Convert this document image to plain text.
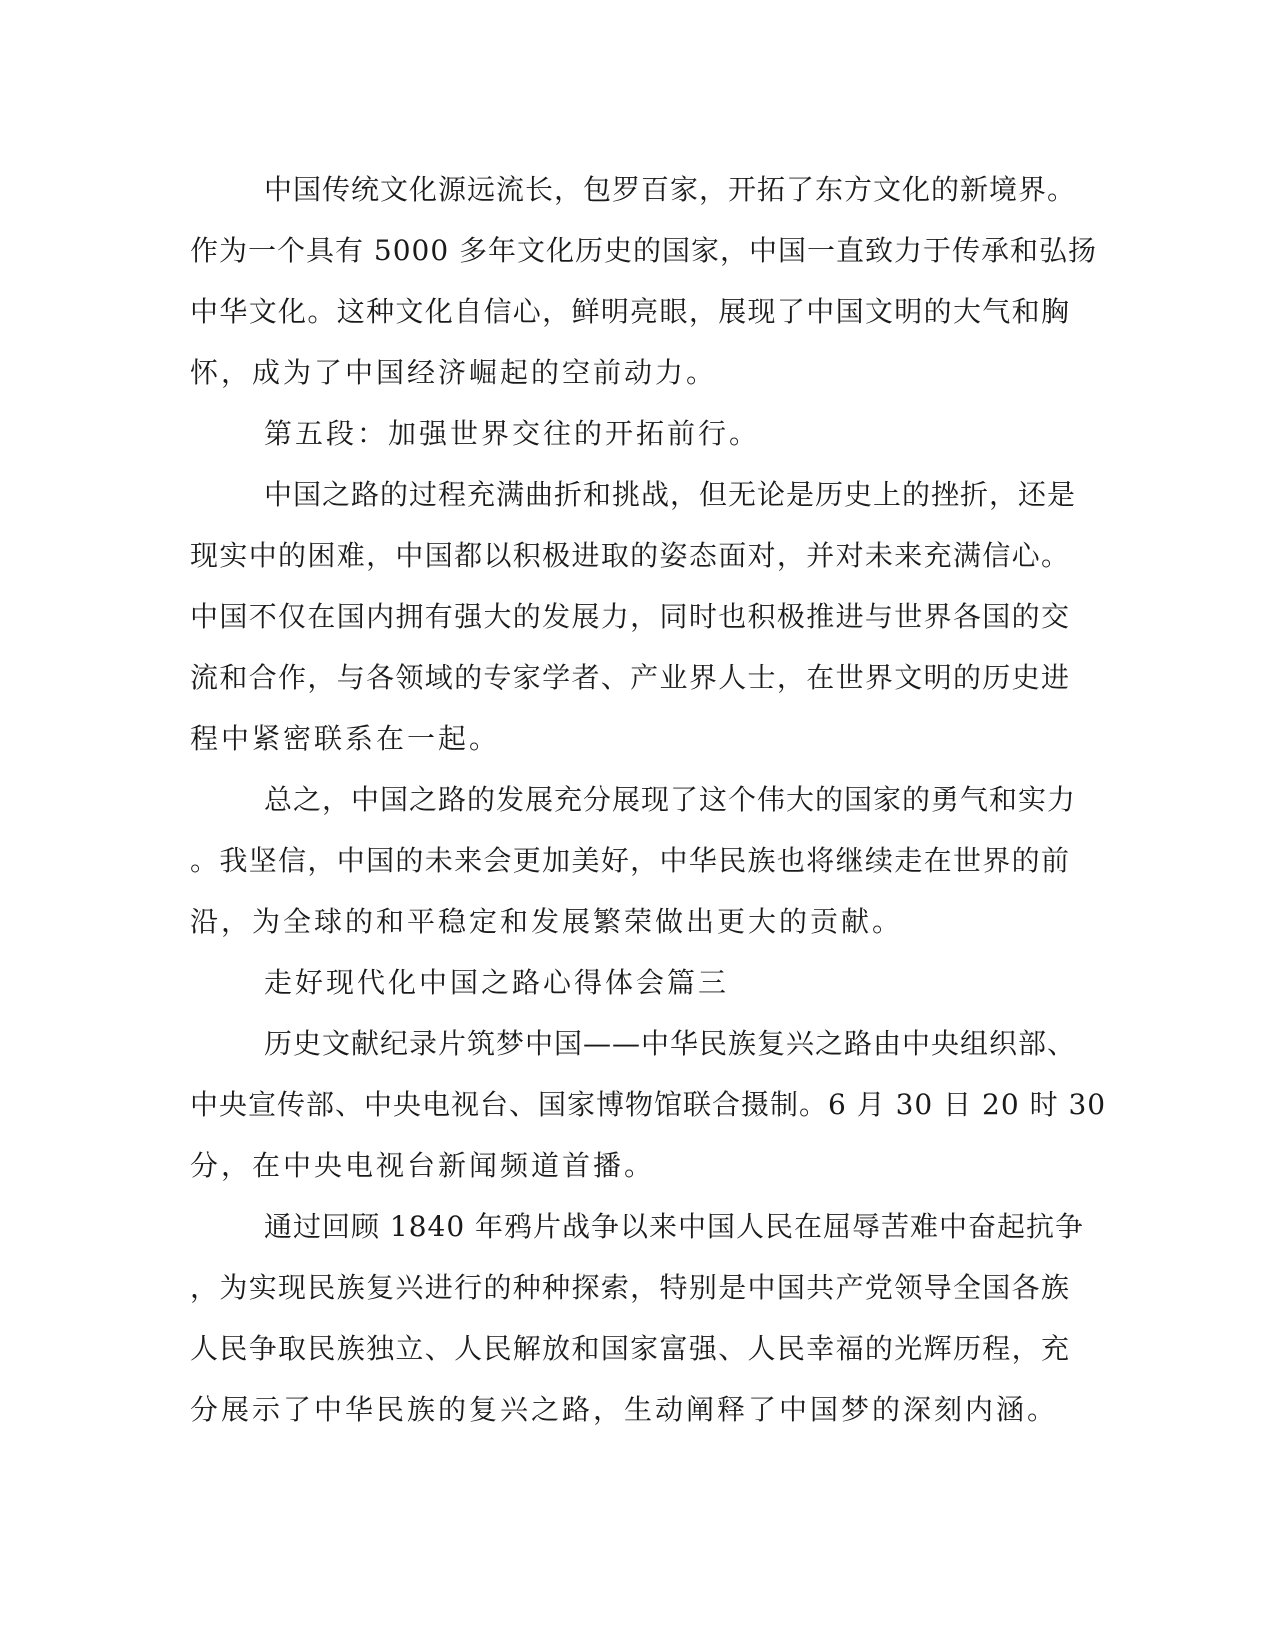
中国传统文化源远流长，包罗百家，开拓了东方文化的新境界。
作为一个具有 5000 多年文化历史的国家，中国一直致力于传承和弘扬
中华文化。这种文化自信心，鲜明亮眼，展现了中国文明的大气和胸
怀，成为了中国经济崛起的空前动力。
第五段：加强世界交往的开拓前行。
中国之路的过程充满曲折和挑战，但无论是历史上的挫折，还是
现实中的困难，中国都以积极进取的姿态面对，并对未来充满信心。
中国不仅在国内拥有强大的发展力，同时也积极推进与世界各国的交
流和合作，与各领域的专家学者、产业界人士，在世界文明的历史进
程中紧密联系在一起。
总之，中国之路的发展充分展现了这个伟大的国家的勇气和实力
。我坚信，中国的未来会更加美好，中华民族也将继续走在世界的前
沿，为全球的和平稳定和发展繁荣做出更大的贡献。
走好现代化中国之路心得体会篇三
历史文献纪录片筑梦中国——中华民族复兴之路由中央组织部、
中央宣传部、中央电视台、国家博物馆联合摄制。6 月 30 日 20 时 30
分，在中央电视台新闻频道首播。
通过回顾 1840 年鸦片战争以来中国人民在屈辱苦难中奋起抗争
，为实现民族复兴进行的种种探索，特别是中国共产党领导全国各族
人民争取民族独立、人民解放和国家富强、人民幸福的光辉历程，充
分展示了中华民族的复兴之路，生动阐释了中国梦的深刻内涵。
